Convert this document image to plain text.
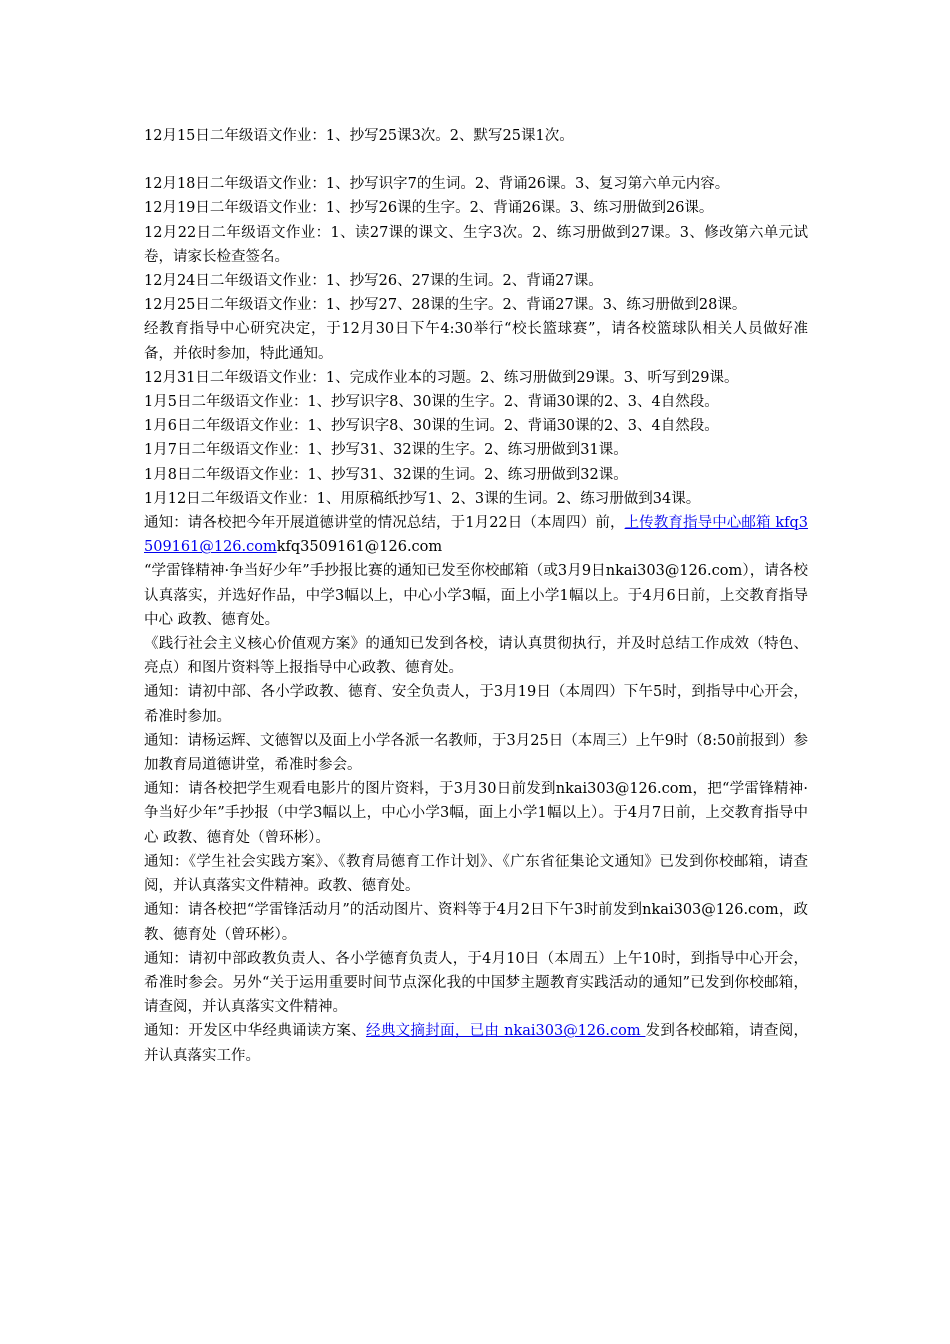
12月15日二年级语文作业：1、抄写25课3次。2、默写25课1次。

12月18日二年级语文作业：1、抄写识字7的生词。2、背诵26课。3、复习第六单元内容。

12月19日二年级语文作业：1、抄写26课的生字。2、背诵26课。3、练习册做到26课。

12月22日二年级语文作业：1、读27课的课文、生字3次。2、练习册做到27课。3、修改第六单元试卷，请家长检查签名。

12月24日二年级语文作业：1、抄写26、27课的生词。2、背诵27课。

12月25日二年级语文作业：1、抄写27、28课的生字。2、背诵27课。3、练习册做到28课。

经教育指导中心研究决定，于12月30日下午4:30举行“校长篮球赛”，请各校篮球队相关人员做好准备，并依时参加，特此通知。

12月31日二年级语文作业：1、完成作业本的习题。2、练习册做到29课。3、听写到29课。

1月5日二年级语文作业：1、抄写识字8、30课的生字。2、背诵30课的2、3、4自然段。

1月6日二年级语文作业：1、抄写识字8、30课的生词。2、背诵30课的2、3、4自然段。

1月7日二年级语文作业：1、抄写31、32课的生字。2、练习册做到31课。

1月8日二年级语文作业：1、抄写31、32课的生词。2、练习册做到32课。

1月12日二年级语文作业：1、用原稿纸抄写1、2、3课的生词。2、练习册做到34课。

通知：请各校把今年开展道德讲堂的情况总结，于1月22日（本周四）前，上传教育指导中心邮箱 kfq3509161@126.comkfq3509161@126.com

“学雷锋精神·争当好少年”手抄报比赛的通知已发至你校邮箱（或3月9日nkai303@126.com），请各校认真落实，并选好作品，中学3幅以上，中心小学3幅，面上小学1幅以上。于4月6日前，上交教育指导中心 政教、德育处。

《践行社会主义核心价值观方案》的通知已发到各校，请认真贯彻执行，并及时总结工作成效（特色、亮点）和图片资料等上报指导中心政教、德育处。

通知：请初中部、各小学政教、德育、安全负责人，于3月19日（本周四）下午5时，到指导中心开会，希准时参加。

通知：请杨运辉、文德智以及面上小学各派一名教师，于3月25日（本周三）上午9时（8:50前报到）参加教育局道德讲堂，希准时参会。

通知：请各校把学生观看电影片的图片资料，于3月30日前发到nkai303@126.com，把“学雷锋精神·争当好少年”手抄报（中学3幅以上，中心小学3幅，面上小学1幅以上）。于4月7日前，上交教育指导中心 政教、德育处（曾环彬）。

通知：《学生社会实践方案》、《教育局德育工作计划》、《广东省征集论文通知》已发到你校邮箱，请查阅，并认真落实文件精神。政教、德育处。

通知：请各校把“学雷锋活动月”的活动图片、资料等于4月2日下午3时前发到nkai303@126.com，政教、德育处（曾环彬）。

通知：请初中部政教负责人、各小学德育负责人，于4月10日（本周五）上午10时，到指导中心开会，希准时参会。另外“关于运用重要时间节点深化我的中国梦主题教育实践活动的通知”已发到你校邮箱，请查阅，并认真落实文件精神。

通知：开发区中华经典诵读方案、经典文摘封面，已由 nkai303@126.com 发到各校邮箱，请查阅，并认真落实工作。
